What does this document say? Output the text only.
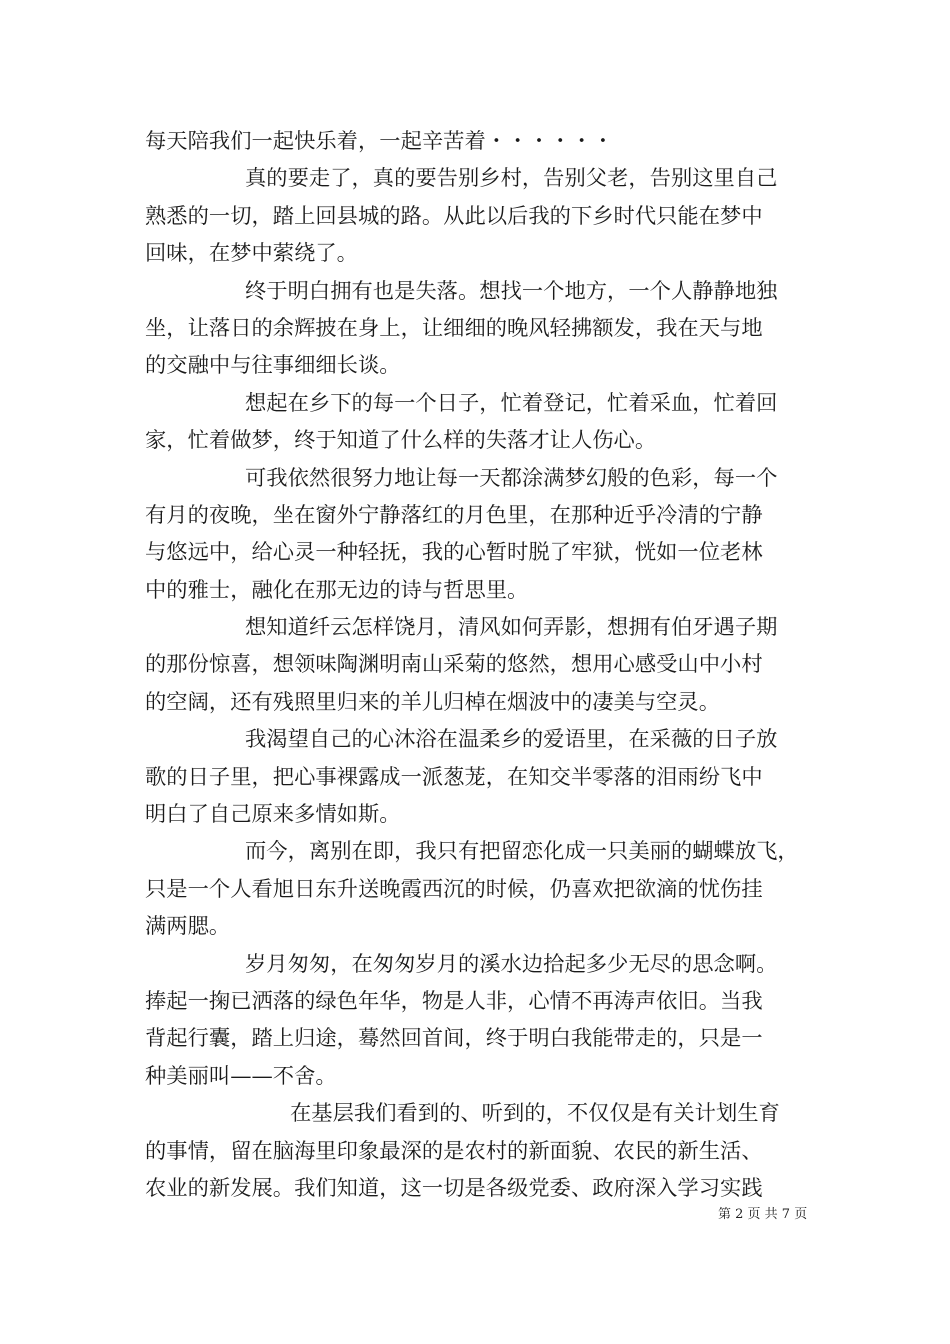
每天陪我们一起快乐着，一起辛苦着・・・・・・
真的要走了，真的要告别乡村，告别父老，告别这里自己
熟悉的一切，踏上回县城的路。从此以后我的下乡时代只能在梦中
回味，在梦中萦绕了。
终于明白拥有也是失落。想找一个地方，一个人静静地独
坐，让落日的余辉披在身上，让细细的晚风轻拂额发，我在天与地
的交融中与往事细细长谈。
想起在乡下的每一个日子，忙着登记，忙着采血，忙着回
家，忙着做梦，终于知道了什么样的失落才让人伤心。
可我依然很努力地让每一天都涂满梦幻般的色彩，每一个
有月的夜晚，坐在窗外宁静落红的月色里，在那种近乎冷清的宁静
与悠远中，给心灵一种轻抚，我的心暂时脱了牢狱，恍如一位老林
中的雅士，融化在那无边的诗与哲思里。
想知道纤云怎样饶月，清风如何弄影，想拥有伯牙遇子期
的那份惊喜，想领味陶渊明南山采菊的悠然，想用心感受山中小村
的空阔，还有残照里归来的羊儿归棹在烟波中的凄美与空灵。
我渴望自己的心沐浴在温柔乡的爱语里，在采薇的日子放
歌的日子里，把心事裸露成一派葱茏，在知交半零落的泪雨纷飞中
明白了自己原来多情如斯。
而今，离别在即，我只有把留恋化成一只美丽的蝴蝶放飞，
只是一个人看旭日东升送晚霞西沉的时候，仍喜欢把欲滴的忧伤挂
满两腮。
岁月匆匆，在匆匆岁月的溪水边拾起多少无尽的思念啊。
捧起一掬已洒落的绿色年华，物是人非，心情不再涛声依旧。当我
背起行囊，踏上归途，蓦然回首间，终于明白我能带走的，只是一
种美丽叫——不舍。
在基层我们看到的、听到的，不仅仅是有关计划生育
的事情，留在脑海里印象最深的是农村的新面貌、农民的新生活、
农业的新发展。我们知道，这一切是各级党委、政府深入学习实践
第 2 页 共 7 页
